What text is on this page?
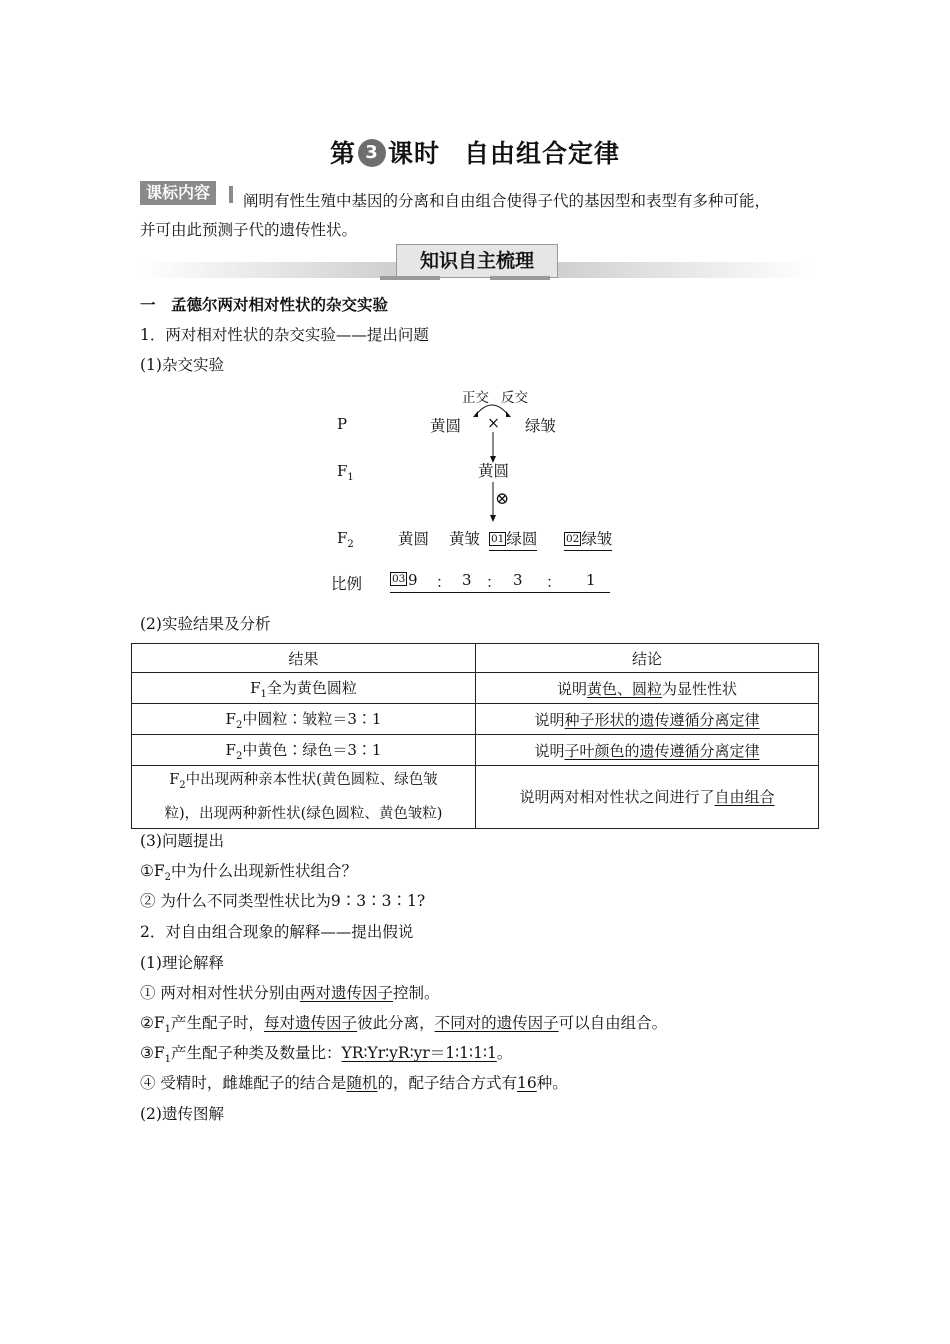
第 3 课时 自由组合定律
课标内容	阐明有性生殖中基因的分离和自由组合使得子代的基因型和表型有多种可能，
并可由此预测子代的遗传性状。
知识自主梳理
一　孟德尔两对相对性状的杂交实验
1．两对相对性状的杂交实验——提出问题
(1)杂交实验
正交 反交
P	黄圆 × 绿皱
$F_1$	黄圆
⊗
$F_2$	黄圆 黄皱 01 绿圆	02 绿皱
比例	03 9 ： 3 ： 3 ： 1
(2)实验结果及分析
结果	结论
$F_1$全为黄色圆粒	说明黄色、圆粒为显性性状
$F_2$中圆粒∶皱粒＝3∶1	说明种子形状的遗传遵循分离定律
$F_2$中黄色∶绿色＝3∶1	说明子叶颜色的遗传遵循分离定律
$F_2$中出现两种亲本性状(黄色圆粒、绿色皱
粒)，出现两种新性状(绿色圆粒、黄色皱粒)	说明两对相对性状之间进行了自由组合
(3)问题提出
$①F_2$中为什么出现新性状组合？
② 为什么不同类型性状比为9∶3∶3∶1?
2．对自由组合现象的解释——提出假说
(1)理论解释
① 两对相对性状分别由两对遗传因子控制。
$②F_1$产生配子时，每对遗传因子彼此分离，不同对的遗传因子可以自由组合。
$③F_1$产生配子种类及数量比：YR∶Yr∶yR∶yr＝1∶1∶1∶1。
④ 受精时，雌雄配子的结合是随机的，配子结合方式有16种。
(2)遗传图解
